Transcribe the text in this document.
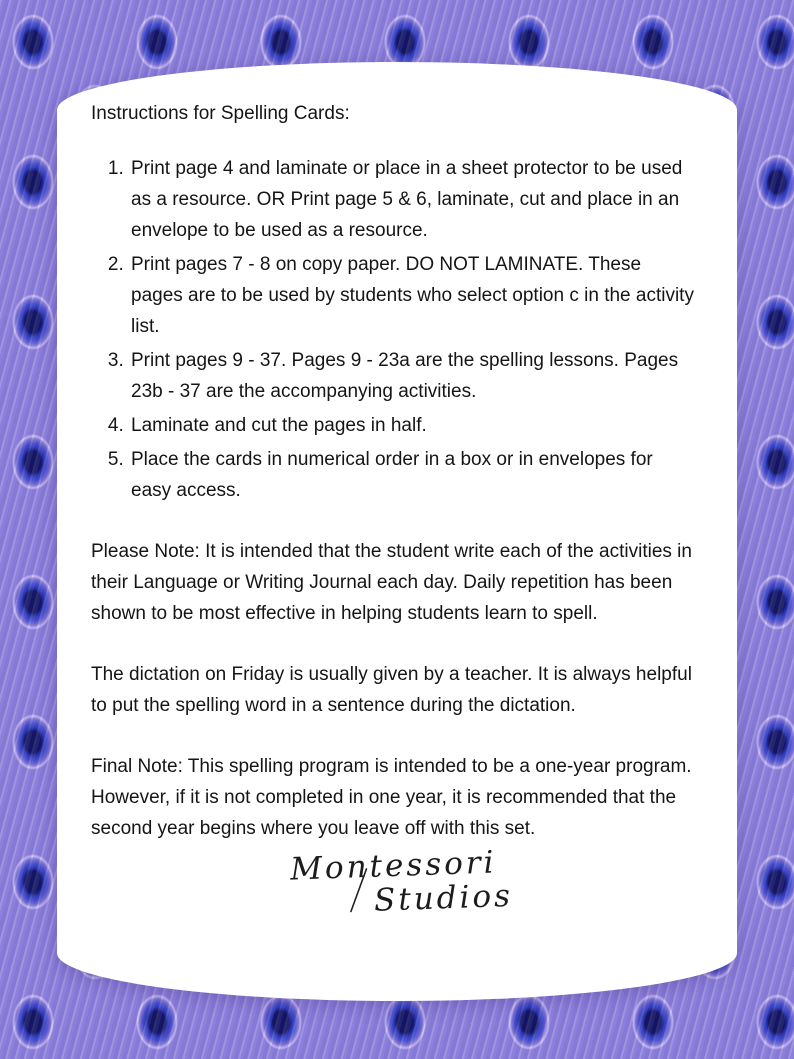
Instructions for Spelling Cards:
1. Print page 4 and laminate or place in a sheet protector to be used as a resource. OR Print page 5 & 6, laminate, cut and place in an envelope to be used as a resource.
2. Print pages 7 - 8 on copy paper. DO NOT LAMINATE. These pages are to be used by students who select option c in the activity list.
3. Print pages 9 - 37. Pages 9 - 23a are the spelling lessons. Pages 23b - 37 are the accompanying activities.
4. Laminate and cut the pages in half.
5. Place the cards in numerical order in a box or in envelopes for easy access.

Please Note: It is intended that the student write each of the activities in their Language or Writing Journal each day. Daily repetition has been shown to be most effective in helping students learn to spell.

The dictation on Friday is usually given by a teacher. It is always helpful to put the spelling word in a sentence during the dictation.

Final Note: This spelling program is intended to be a one-year program. However, if it is not completed in one year, it is recommended that the second year begins where you leave off with this set.

Montessori
Studios
